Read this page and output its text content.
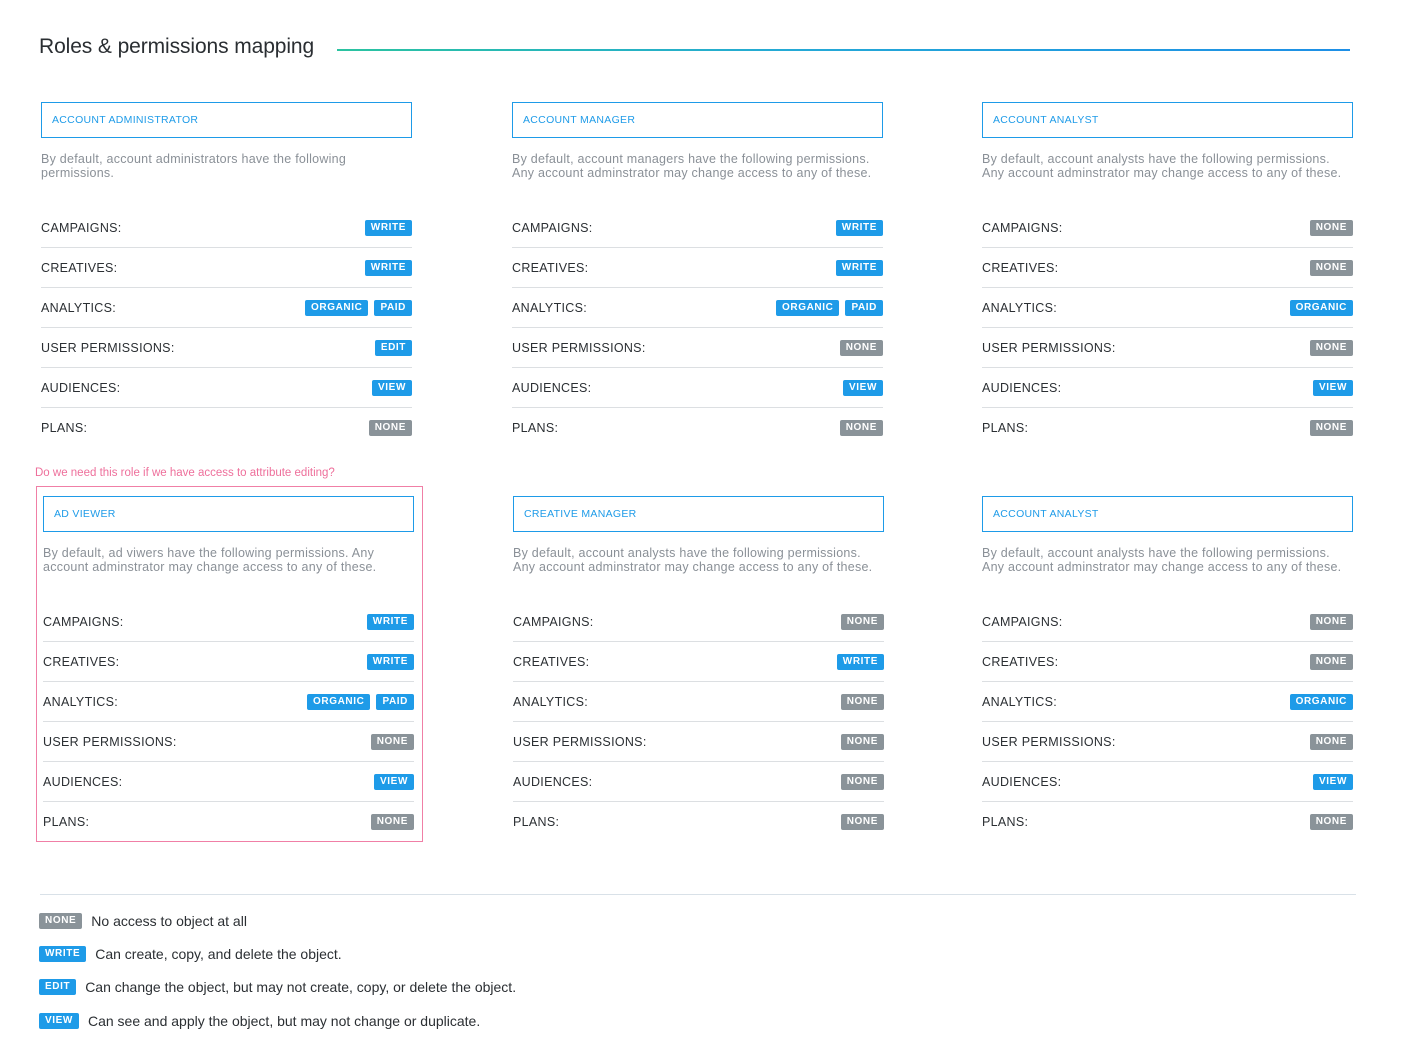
Roles & permissions mapping
Do we need this role if we have access to attribute editing?
ACCOUNT ADMINISTRATOR

By default, account administrators have the following permissions.

CAMPAIGNS:	WRITE
CREATIVES:	WRITE
ANALYTICS:	ORGANIC	PAID
USER PERMISSIONS:	EDIT
AUDIENCES:	VIEW
PLANS:	NONE
ACCOUNT MANAGER

By default, account managers have the following permissions. Any account adminstrator may change access to any of these.

CAMPAIGNS:	WRITE
CREATIVES:	WRITE
ANALYTICS:	ORGANIC	PAID
USER PERMISSIONS:	NONE
AUDIENCES:	VIEW
PLANS:	NONE
ACCOUNT ANALYST

By default, account analysts have the following permissions. Any account adminstrator may change access to any of these.

CAMPAIGNS:	NONE
CREATIVES:	NONE
ANALYTICS:	ORGANIC
USER PERMISSIONS:	NONE
AUDIENCES:	VIEW
PLANS:	NONE
AD VIEWER

By default, ad viwers have the following permissions. Any account adminstrator may change access to any of these.

CAMPAIGNS:	WRITE
CREATIVES:	WRITE
ANALYTICS:	ORGANIC	PAID
USER PERMISSIONS:	NONE
AUDIENCES:	VIEW
PLANS:	NONE
CREATIVE MANAGER

By default, account analysts have the following permissions. Any account adminstrator may change access to any of these.

CAMPAIGNS:	NONE
CREATIVES:	WRITE
ANALYTICS:	NONE
USER PERMISSIONS:	NONE
AUDIENCES:	NONE
PLANS:	NONE
ACCOUNT ANALYST

By default, account analysts have the following permissions. Any account adminstrator may change access to any of these.

CAMPAIGNS:	NONE
CREATIVES:	NONE
ANALYTICS:	ORGANIC
USER PERMISSIONS:	NONE
AUDIENCES:	VIEW
PLANS:	NONE
NONE	No access to object at all
WRITE	Can create, copy, and delete the object.
EDIT	Can change the object, but may not create, copy, or delete the object.
VIEW	Can see and apply the object, but may not change or duplicate.
